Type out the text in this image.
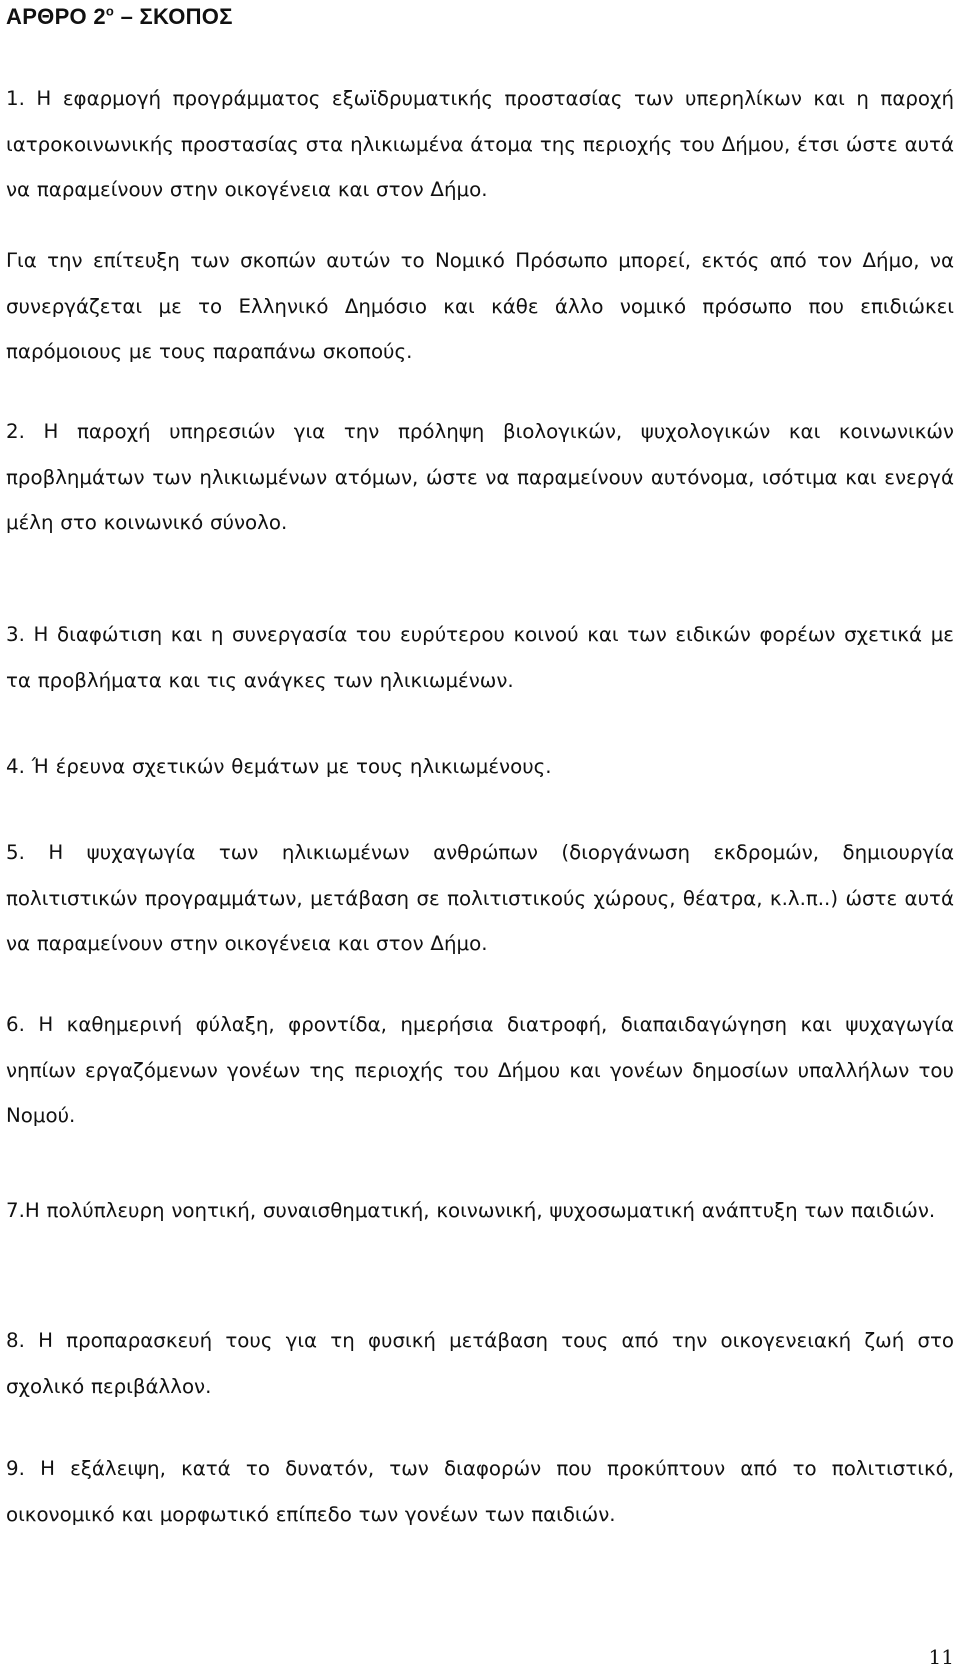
ΑΡΘΡΟ $2^o$ – ΣΚΟΠΟΣ

1. Η εφαρμογή προγράμματος εξωϊδρυματικής προστασίας των υπερηλίκων και η παροχή ιατροκοινωνικής προστασίας στα ηλικιωμένα άτομα της περιοχής του Δήμου, έτσι ώστε αυτά να παραμείνουν στην οικογένεια και στον Δήμο.

Για την επίτευξη των σκοπών αυτών το Νομικό Πρόσωπο μπορεί, εκτός από τον Δήμο, να συνεργάζεται με το Ελληνικό Δημόσιο και κάθε άλλο νομικό πρόσωπο που επιδιώκει παρόμοιους με τους παραπάνω σκοπούς.

2. Η παροχή υπηρεσιών για την πρόληψη βιολογικών, ψυχολογικών και κοινωνικών προβλημάτων των ηλικιωμένων ατόμων, ώστε να παραμείνουν αυτόνομα, ισότιμα και ενεργά μέλη στο κοινωνικό σύνολο.

3. Η διαφώτιση και η συνεργασία του ευρύτερου κοινού και των ειδικών φορέων σχετικά με τα προβλήματα και τις ανάγκες των ηλικιωμένων.

4. Ή έρευνα σχετικών θεμάτων με τους ηλικιωμένους.

5. Η ψυχαγωγία των ηλικιωμένων ανθρώπων (διοργάνωση εκδρομών, δημιουργία πολιτιστικών προγραμμάτων, μετάβαση σε πολιτιστικούς χώρους, θέατρα, κ.λ.π..) ώστε αυτά να παραμείνουν στην οικογένεια και στον Δήμο.

6. Η καθημερινή φύλαξη, φροντίδα, ημερήσια διατροφή, διαπαιδαγώγηση και ψυχαγωγία νηπίων εργαζόμενων γονέων της περιοχής του Δήμου και γονέων δημοσίων υπαλλήλων του Νομού.

7.Η πολύπλευρη νοητική, συναισθηματική, κοινωνική, ψυχοσωματική ανάπτυξη των παιδιών.

8. Η προπαρασκευή τους για τη φυσική μετάβαση τους από την οικογενειακή ζωή στο σχολικό περιβάλλον.

9. Η εξάλειψη, κατά το δυνατόν, των διαφορών που προκύπτουν από το πολιτιστικό, οικονομικό και μορφωτικό επίπεδο των γονέων των παιδιών.

11
